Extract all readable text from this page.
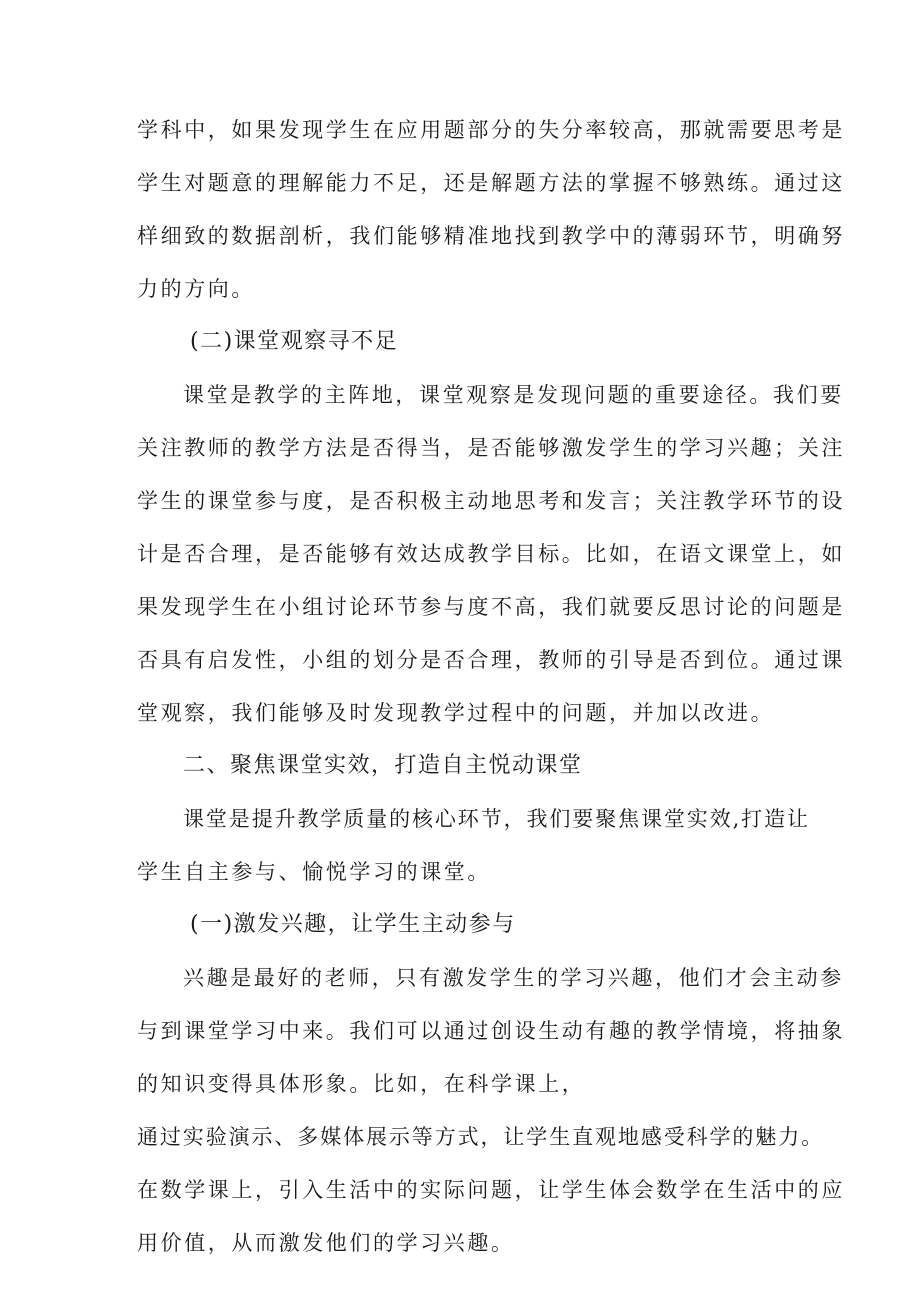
学科中，如果发现学生在应用题部分的失分率较高，那就需要思考是
学生对题意的理解能力不足，还是解题方法的掌握不够熟练。通过这
样细致的数据剖析，我们能够精准地找到教学中的薄弱环节，明确努
力的方向。
(二)课堂观察寻不足
课堂是教学的主阵地，课堂观察是发现问题的重要途径。我们要
关注教师的教学方法是否得当，是否能够激发学生的学习兴趣；关注
学生的课堂参与度，是否积极主动地思考和发言；关注教学环节的设
计是否合理，是否能够有效达成教学目标。比如，在语文课堂上，如
果发现学生在小组讨论环节参与度不高，我们就要反思讨论的问题是
否具有启发性，小组的划分是否合理，教师的引导是否到位。通过课
堂观察，我们能够及时发现教学过程中的问题，并加以改进。
二、聚焦课堂实效，打造自主悦动课堂
课堂是提升教学质量的核心环节，我们要聚焦课堂实效,打造让
学生自主参与、愉悦学习的课堂。
(一)激发兴趣，让学生主动参与
兴趣是最好的老师，只有激发学生的学习兴趣，他们才会主动参
与到课堂学习中来。我们可以通过创设生动有趣的教学情境，将抽象
的知识变得具体形象。比如，在科学课上，
通过实验演示、多媒体展示等方式，让学生直观地感受科学的魅力。
在数学课上，引入生活中的实际问题，让学生体会数学在生活中的应
用价值，从而激发他们的学习兴趣。
